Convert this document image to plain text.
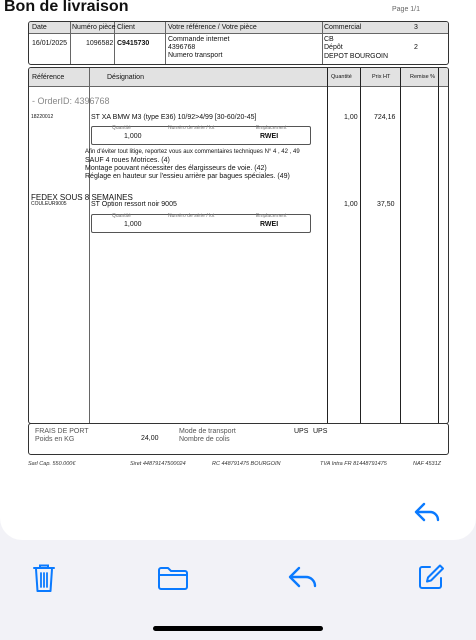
Bon de livraison	Page 1/1
Date	Numéro pièce Client	Votre référence / Votre pièce	Commercial	3
16/01/2025	1096582 C9415730
Commande internet
4396768
Numero transport
CB
Dépôt	2
DEPOT BOURGOIN
Référence	Désignation	Quantité	Prix HT	Remise %
- OrderID: 4396768
18220012	ST XA BMW M3 (type E36) 10/92>4/99 [30-60/20-45]	1,00 724,16
Quantité	Numéro de série / lot	Emplacement
1,000	RWEI
Afin d'éviter tout litige, reportez vous aux commentaires techniques N° 4 , 42 , 49
SAUF 4 roues Motrices. (4)
Montage pouvant nécessiter des élargisseurs de voie. (42)
Réglage en hauteur sur l'essieu arrière par bagues spéciales. (49)
FEDEX SOUS 8 SEMAINES
COULEUR9005	ST Option ressort noir 9005	1,00	37,50
Quantité	Numéro de série / lot	Emplacement
1,000	RWEI
FRAIS DE PORT
Poids en KG	24,00
Mode de transport	UPS UPS
Nombre de colis
Sarl Cap. 550.000€	Siret 44879147500024	RC 448791475 BOURGOIN	TVA Intra FR 81448791475	NAF 4531Z
